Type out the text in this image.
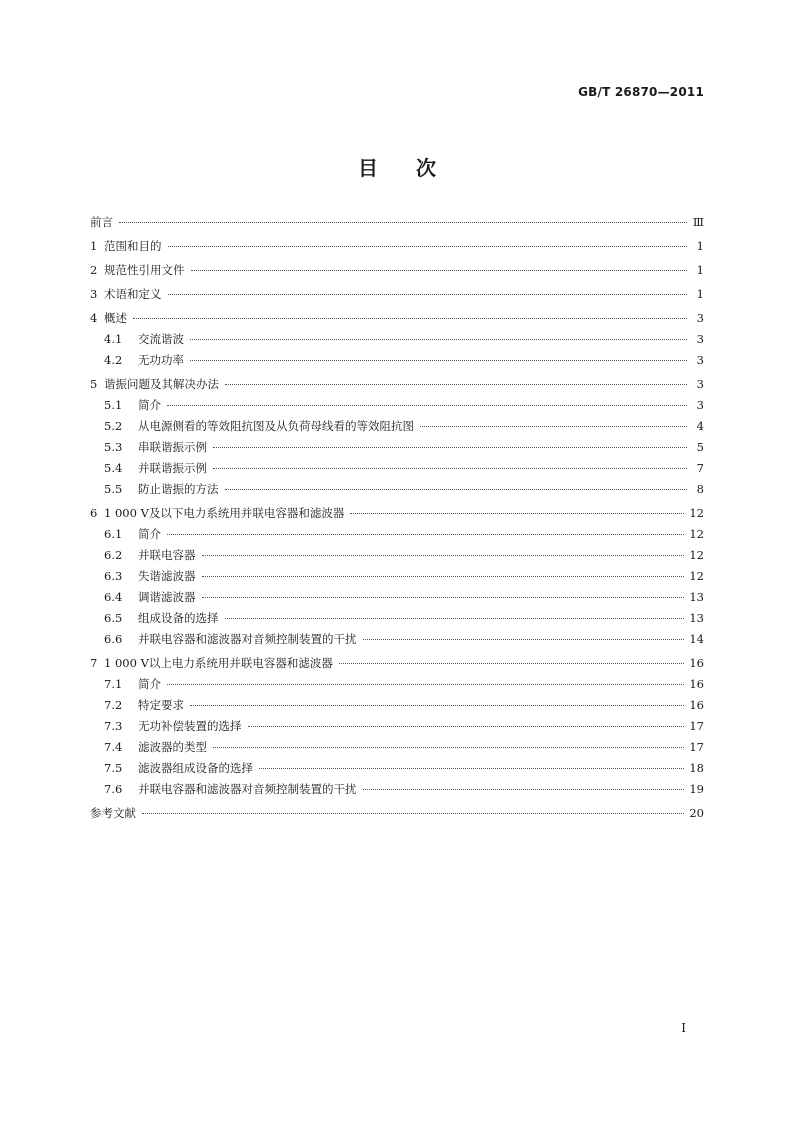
GB/T 26870—2011
目次
前言	Ⅲ
1 范围和目的	1
2 规范性引用文件	1
3 术语和定义	1
4 概述	3
4.1	交流谐波	3
4.2	无功功率	3
5 谐振问题及其解决办法	3
5.1	简介	3
5.2	从电源侧看的等效阻抗图及从负荷母线看的等效阻抗图	4
5.3	串联谐振示例	5
5.4	并联谐振示例	7
5.5	防止谐振的方法	8
6 1 000 V及以下电力系统用并联电容器和滤波器	12
6.1	简介	12
6.2	并联电容器	12
6.3	失谐滤波器	12
6.4	调谐滤波器	13
6.5	组成设备的选择	13
6.6	并联电容器和滤波器对音频控制装置的干扰	14
7 1 000 V以上电力系统用并联电容器和滤波器	16
7.1	简介	16
7.2	特定要求	16
7.3	无功补偿装置的选择	17
7.4	滤波器的类型	17
7.5	滤波器组成设备的选择	18
7.6	并联电容器和滤波器对音频控制装置的干扰	19
参考文献	20
I
